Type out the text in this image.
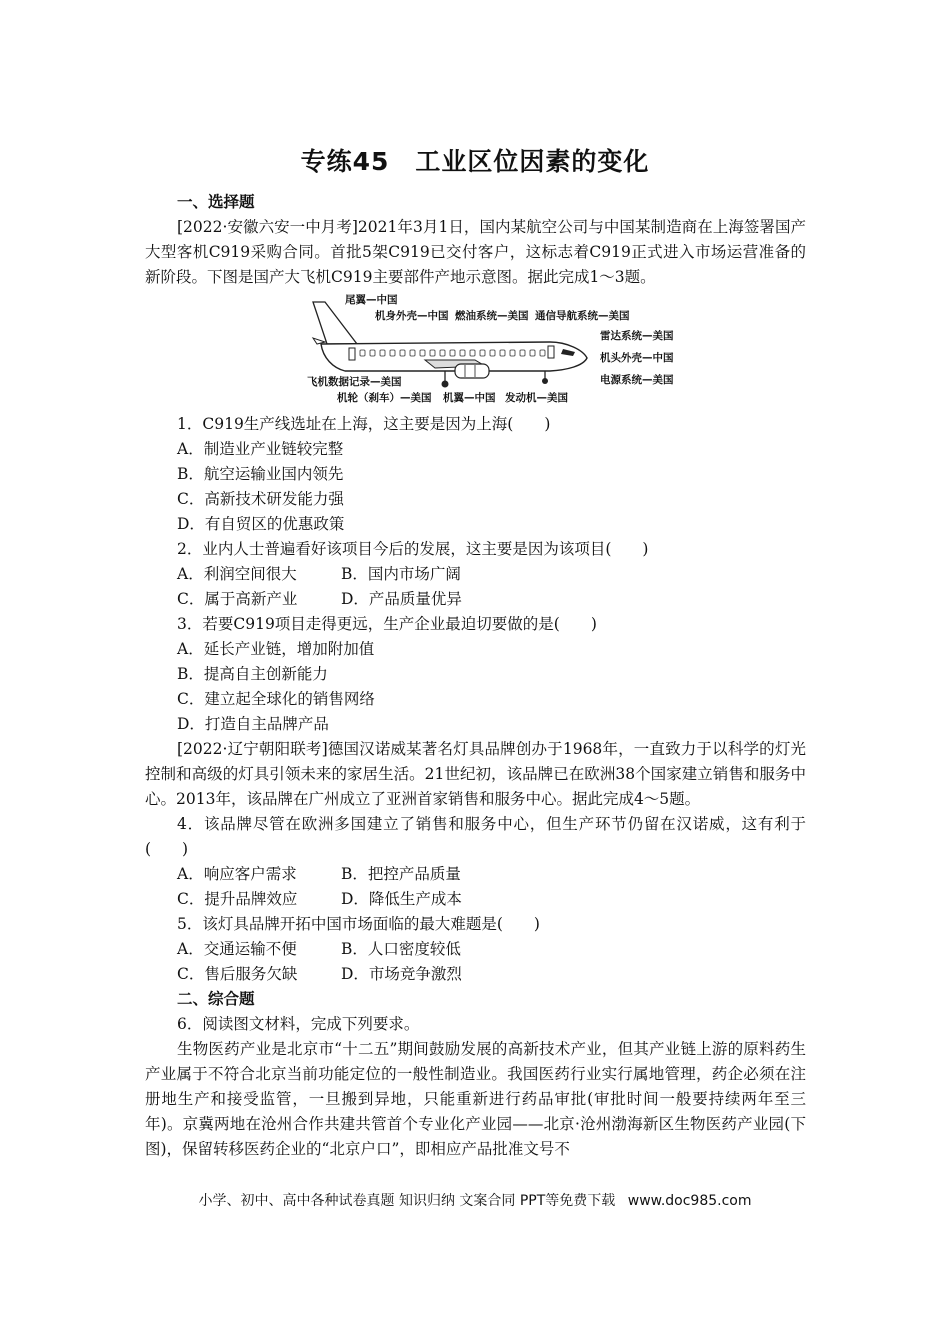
专练45　工业区位因素的变化
一、选择题
[2022·安徽六安一中月考]2021年3月1日，国内某航空公司与中国某制造商在上海签署国产大型客机C919采购合同。首批5架C919已交付客户，这标志着C919正式进入市场运营准备的新阶段。下图是国产大飞机C919主要部件产地示意图。据此完成1～3题。
尾翼—中国
机身外壳—中国 燃油系统—美国 通信导航系统—美国
雷达系统—美国
机头外壳—中国
电源系统—美国
飞机数据记录—美国
机轮（刹车）—美国 机翼—中国 发动机—美国
1．C919生产线选址在上海，这主要是因为上海(　　)
A．制造业产业链较完整
B．航空运输业国内领先
C．高新技术研发能力强
D．有自贸区的优惠政策
2．业内人士普遍看好该项目今后的发展，这主要是因为该项目(　　)
A．利润空间很大	B．国内市场广阔
C．属于高新产业	D．产品质量优异
3．若要C919项目走得更远，生产企业最迫切要做的是(　　)
A．延长产业链，增加附加值
B．提高自主创新能力
C．建立起全球化的销售网络
D．打造自主品牌产品
[2022·辽宁朝阳联考]德国汉诺威某著名灯具品牌创办于1968年，一直致力于以科学的灯光控制和高级的灯具引领未来的家居生活。21世纪初，该品牌已在欧洲38个国家建立销售和服务中心。2013年，该品牌在广州成立了亚洲首家销售和服务中心。据此完成4～5题。
4．该品牌尽管在欧洲多国建立了销售和服务中心，但生产环节仍留在汉诺威，这有利于(　　)
A．响应客户需求	B．把控产品质量
C．提升品牌效应	D．降低生产成本
5．该灯具品牌开拓中国市场面临的最大难题是(　　)
A．交通运输不便	B．人口密度较低
C．售后服务欠缺	D．市场竞争激烈
二、综合题
6．阅读图文材料，完成下列要求。
生物医药产业是北京市“十二五”期间鼓励发展的高新技术产业，但其产业链上游的原料药生产业属于不符合北京当前功能定位的一般性制造业。我国医药行业实行属地管理，药企必须在注册地生产和接受监管，一旦搬到异地，只能重新进行药品审批(审批时间一般要持续两年至三年)。京冀两地在沧州合作共建共管首个专业化产业园——北京·沧州渤海新区生物医药产业园(下图)，保留转移医药企业的“北京户口”，即相应产品批准文号不
小学、初中、高中各种试卷真题 知识归纳 文案合同 PPT等免费下载 www.doc985.com
